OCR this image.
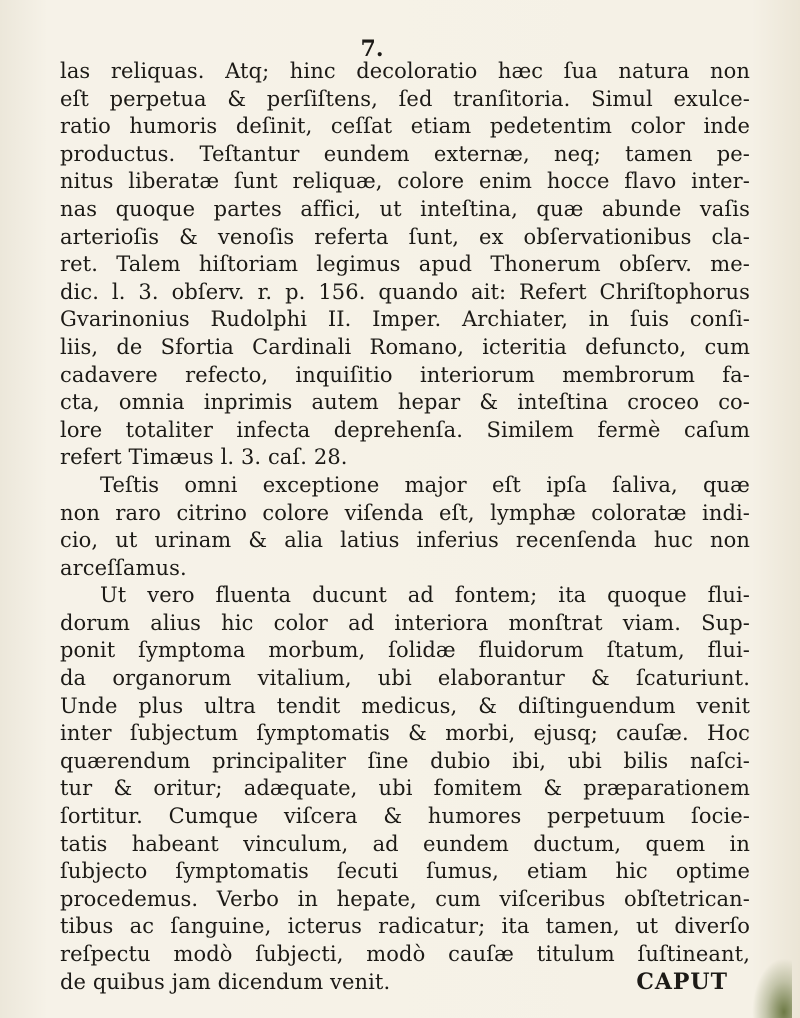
7.
las reliquas. Atq; hinc decoloratio hæc ſua natura non
eſt perpetua & perſiſtens, ſed tranſitoria. Simul exulce-
ratio humoris deſinit, ceſſat etiam pedetentim color inde
productus. Teſtantur eundem externæ, neq; tamen pe-
nitus liberatæ ſunt reliquæ, colore enim hocce flavo inter-
nas quoque partes affici, ut inteſtina, quæ abunde vaſis
arterioſis & venoſis referta ſunt, ex obſervationibus cla-
ret. Talem hiſtoriam legimus apud Thonerum obſerv. me-
dic. l. 3. obſerv. r. p. 156. quando ait: Refert Chriſtophorus
Gvarinonius Rudolphi II. Imper. Archiater, in ſuis conſi-
liis, de Sfortia Cardinali Romano, icteritia defuncto, cum
cadavere refecto, inquiſitio interiorum membrorum fa-
cta, omnia inprimis autem hepar & inteſtina croceo co-
lore totaliter infecta deprehenſa. Similem fermè caſum
refert Timæus l. 3. caſ. 28.
Teſtis omni exceptione major eſt ipſa ſaliva, quæ
non raro citrino colore viſenda eſt, lymphæ coloratæ indi-
cio, ut urinam & alia latius inferius recenſenda huc non
arceſſamus.
Ut vero fluenta ducunt ad fontem; ita quoque flui-
dorum alius hic color ad interiora monſtrat viam. Sup-
ponit ſymptoma morbum, ſolidæ fluidorum ſtatum, flui-
da organorum vitalium, ubi elaborantur & ſcaturiunt.
Unde plus ultra tendit medicus, & diſtinguendum venit
inter ſubjectum ſymptomatis & morbi, ejusq; cauſæ. Hoc
quærendum principaliter ſine dubio ibi, ubi bilis naſci-
tur & oritur; adæquate, ubi fomitem & præparationem
ſortitur. Cumque viſcera & humores perpetuum ſocie-
tatis habeant vinculum, ad eundem ductum, quem in
ſubjecto ſymptomatis ſecuti ſumus, etiam hic optime
procedemus. Verbo in hepate, cum viſceribus obſtetrican-
tibus ac ſanguine, icterus radicatur; ita tamen, ut diverſo
reſpectu modò ſubjecti, modò cauſæ titulum ſuſtineant,
de quibus jam dicendum venit.	CAPUT
